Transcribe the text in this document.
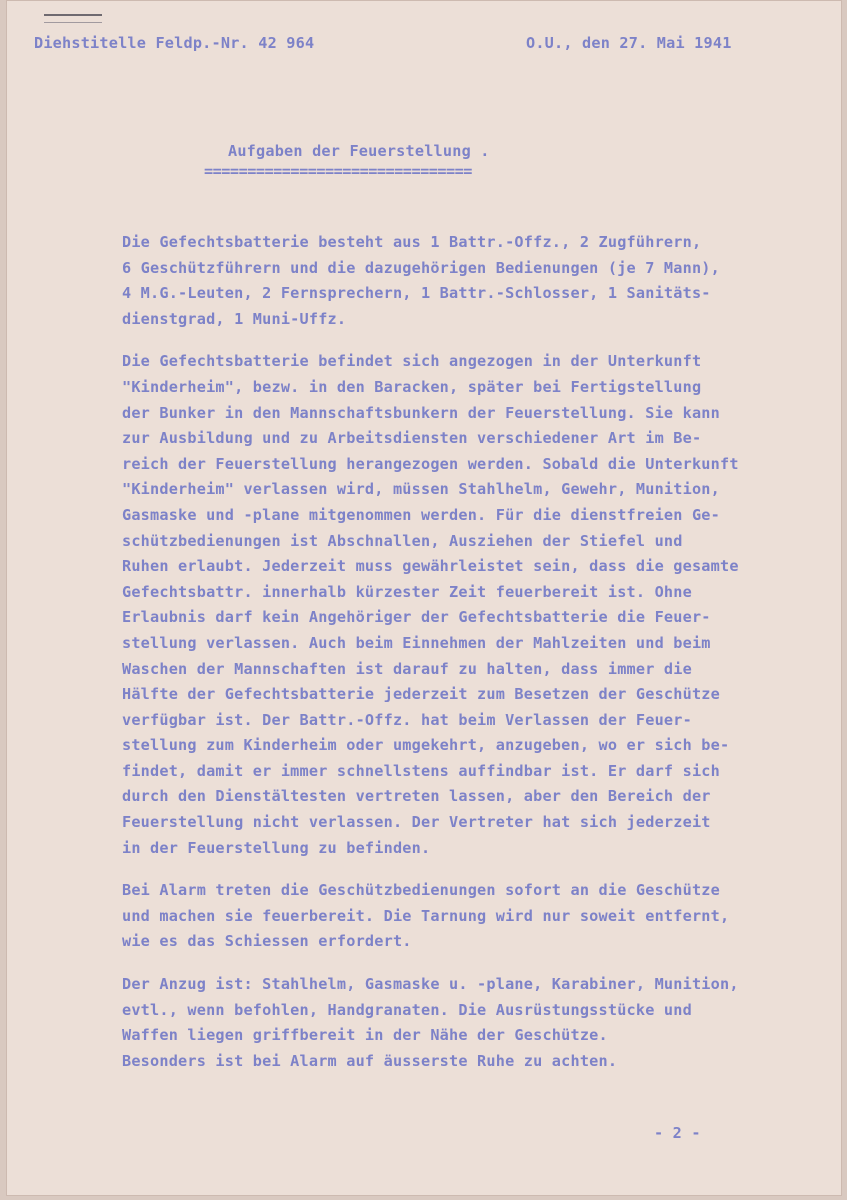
Diehstitelle Feldp.-Nr. 42 964	O.U., den 27. Mai 1941
Aufgaben der Feuerstellung .
===============================
Die Gefechtsbatterie besteht aus 1 Battr.-Offz., 2 Zugführern,
6 Geschützführern und die dazugehörigen Bedienungen (je 7 Mann),
4 M.G.-Leuten, 2 Fernsprechern, 1 Battr.-Schlosser, 1 Sanitäts-
dienstgrad, 1 Muni-Uffz.
Die Gefechtsbatterie befindet sich angezogen in der Unterkunft
"Kinderheim", bezw. in den Baracken, später bei Fertigstellung
der Bunker in den Mannschaftsbunkern der Feuerstellung. Sie kann
zur Ausbildung und zu Arbeitsdiensten verschiedener Art im Be-
reich der Feuerstellung herangezogen werden. Sobald die Unterkunft
"Kinderheim" verlassen wird, müssen Stahlhelm, Gewehr, Munition,
Gasmaske und -plane mitgenommen werden. Für die dienstfreien Ge-
schützbedienungen ist Abschnallen, Ausziehen der Stiefel und
Ruhen erlaubt. Jederzeit muss gewährleistet sein, dass die gesamte
Gefechtsbattr. innerhalb kürzester Zeit feuerbereit ist. Ohne
Erlaubnis darf kein Angehöriger der Gefechtsbatterie die Feuer-
stellung verlassen. Auch beim Einnehmen der Mahlzeiten und beim
Waschen der Mannschaften ist darauf zu halten, dass immer die
Hälfte der Gefechtsbatterie jederzeit zum Besetzen der Geschütze
verfügbar ist. Der Battr.-Offz. hat beim Verlassen der Feuer-
stellung zum Kinderheim oder umgekehrt, anzugeben, wo er sich be-
findet, damit er immer schnellstens auffindbar ist. Er darf sich
durch den Dienstältesten vertreten lassen, aber den Bereich der
Feuerstellung nicht verlassen. Der Vertreter hat sich jederzeit
in der Feuerstellung zu befinden.
Bei Alarm treten die Geschützbedienungen sofort an die Geschütze
und machen sie feuerbereit. Die Tarnung wird nur soweit entfernt,
wie es das Schiessen erfordert.
Der Anzug ist: Stahlhelm, Gasmaske u. -plane, Karabiner, Munition,
evtl., wenn befohlen, Handgranaten. Die Ausrüstungsstücke und
Waffen liegen griffbereit in der Nähe der Geschütze.
Besonders ist bei Alarm auf äusserste Ruhe zu achten.
- 2 -
